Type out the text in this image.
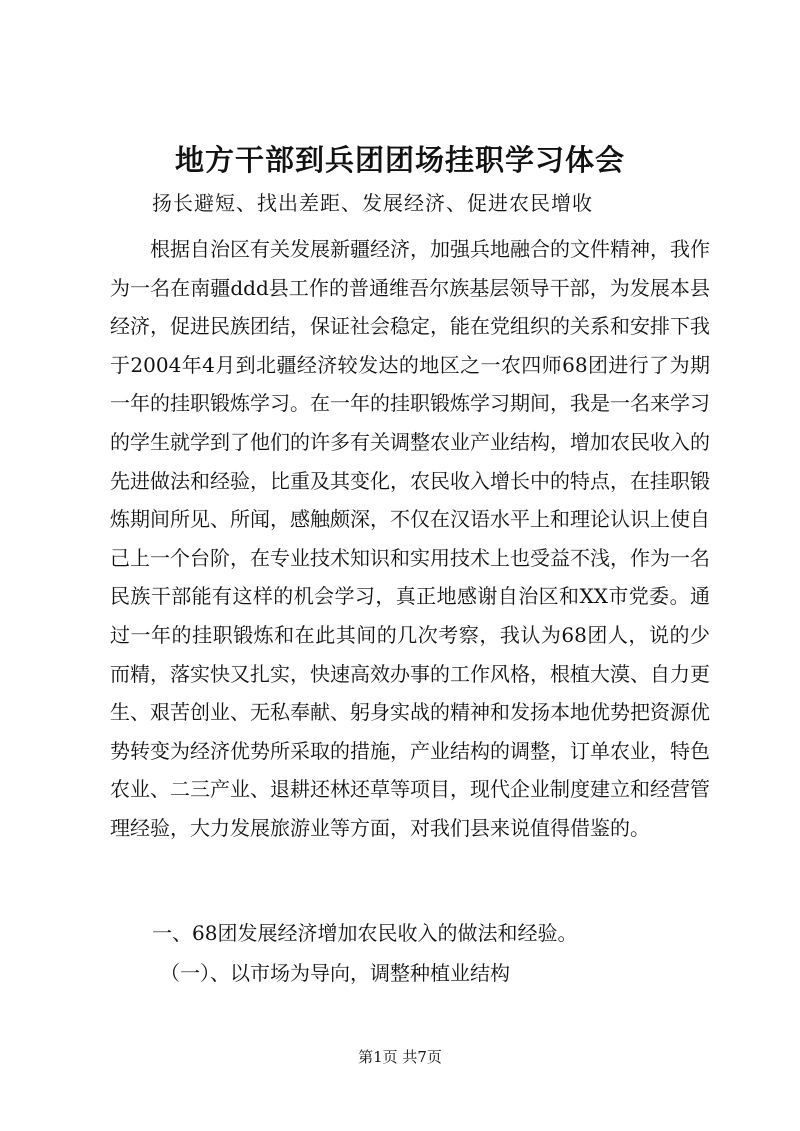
地方干部到兵团团场挂职学习体会
扬长避短、找出差距、发展经济、促进农民增收

根据自治区有关发展新疆经济，加强兵地融合的文件精神，我作为一名在南疆ddd县工作的普通维吾尔族基层领导干部，为发展本县经济，促进民族团结，保证社会稳定，能在党组织的关系和安排下我于2004年4月到北疆经济较发达的地区之一农四师68团进行了为期一年的挂职锻炼学习。在一年的挂职锻炼学习期间，我是一名来学习的学生就学到了他们的许多有关调整农业产业结构，增加农民收入的先进做法和经验，比重及其变化，农民收入增长中的特点，在挂职锻炼期间所见、所闻，感触颇深，不仅在汉语水平上和理论认识上使自己上一个台阶，在专业技术知识和实用技术上也受益不浅，作为一名民族干部能有这样的机会学习，真正地感谢自治区和XX市党委。通过一年的挂职锻炼和在此其间的几次考察，我认为68团人，说的少而精，落实快又扎实，快速高效办事的工作风格，根植大漠、自力更生、艰苦创业、无私奉献、躬身实战的精神和发扬本地优势把资源优势转变为经济优势所采取的措施，产业结构的调整，订单农业，特色农业、二三产业、退耕还林还草等项目，现代企业制度建立和经营管理经验，大力发展旅游业等方面，对我们县来说值得借鉴的。

一、68团发展经济增加农民收入的做法和经验。
（一）、以市场为导向，调整种植业结构
第1页 共7页
